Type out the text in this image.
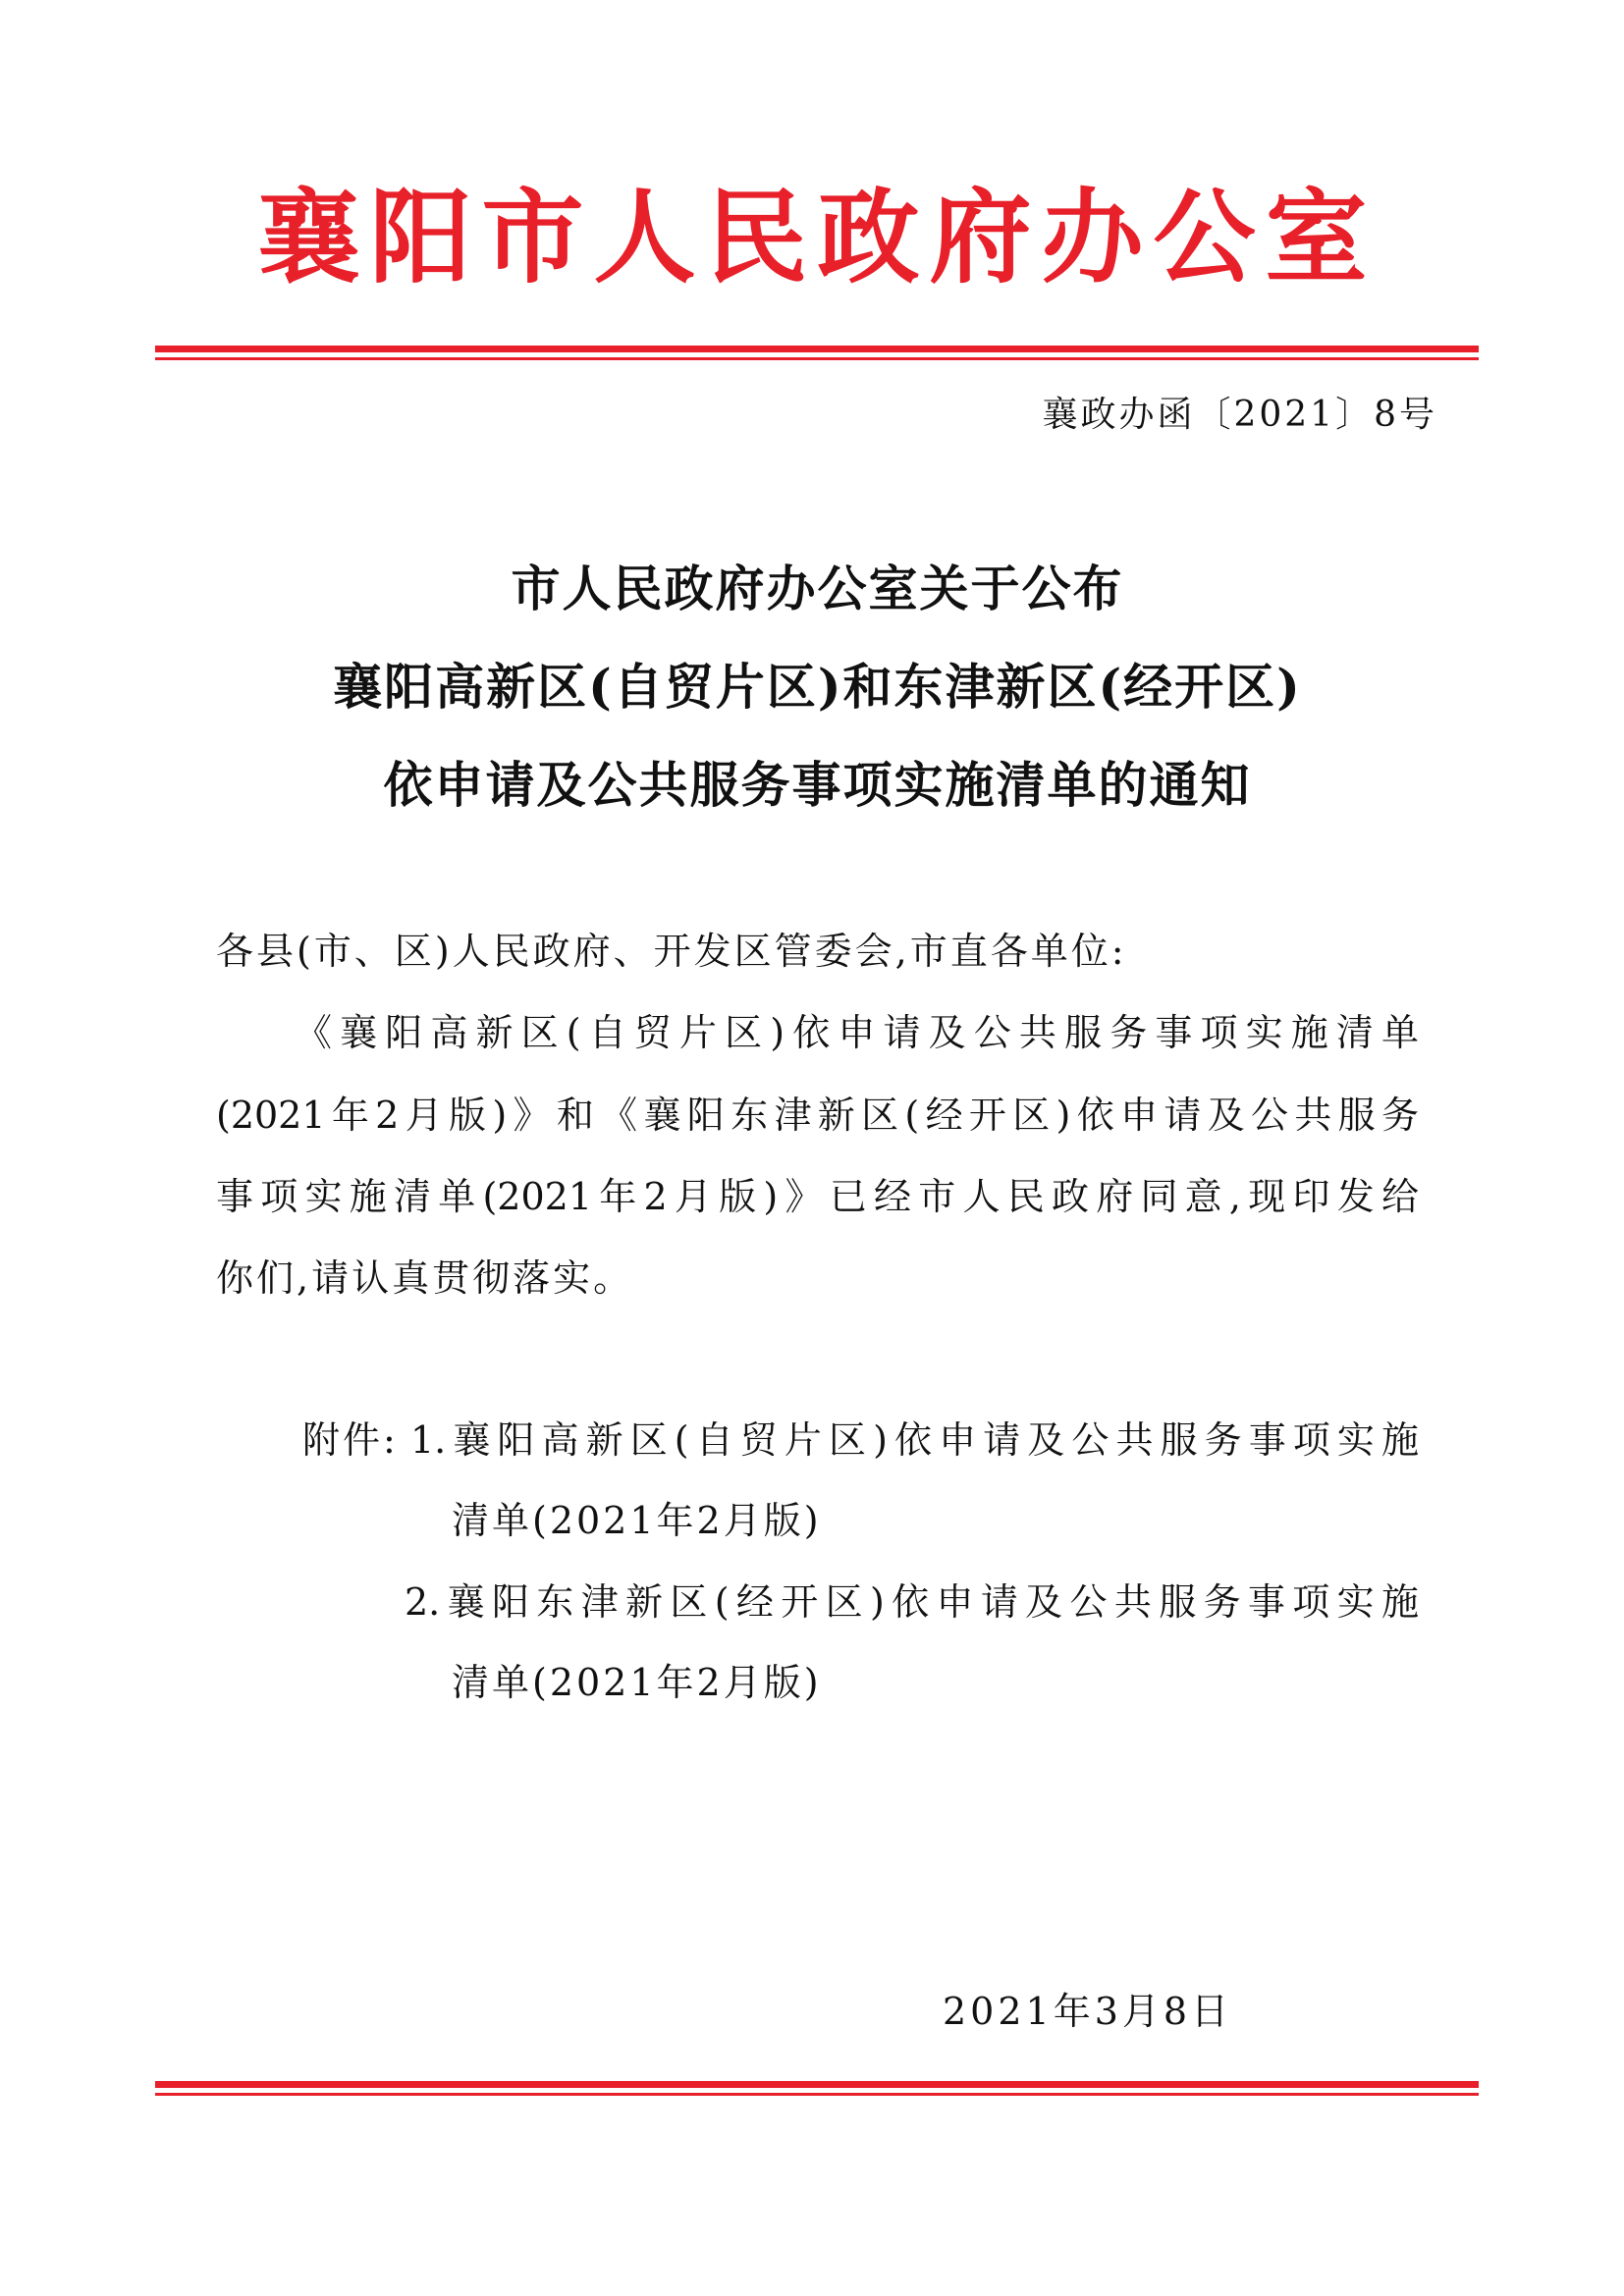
襄阳市人民政府办公室
襄政办函〔2021〕8号
市人民政府办公室关于公布
襄阳高新区(自贸片区)和东津新区(经开区)
依申请及公共服务事项实施清单的通知
各县(市、区)人民政府、开发区管委会,市直各单位:
《襄阳高新区(自贸片区)依申请及公共服务事项实施清单
(2021年2月版)》和《襄阳东津新区(经开区)依申请及公共服务
事项实施清单(2021年2月版)》已经市人民政府同意,现印发给
你们,请认真贯彻落实。
附件: 1.襄阳高新区(自贸片区)依申请及公共服务事项实施
清单(2021年2月版)
2.襄阳东津新区(经开区)依申请及公共服务事项实施
清单(2021年2月版)
2021年3月8日
